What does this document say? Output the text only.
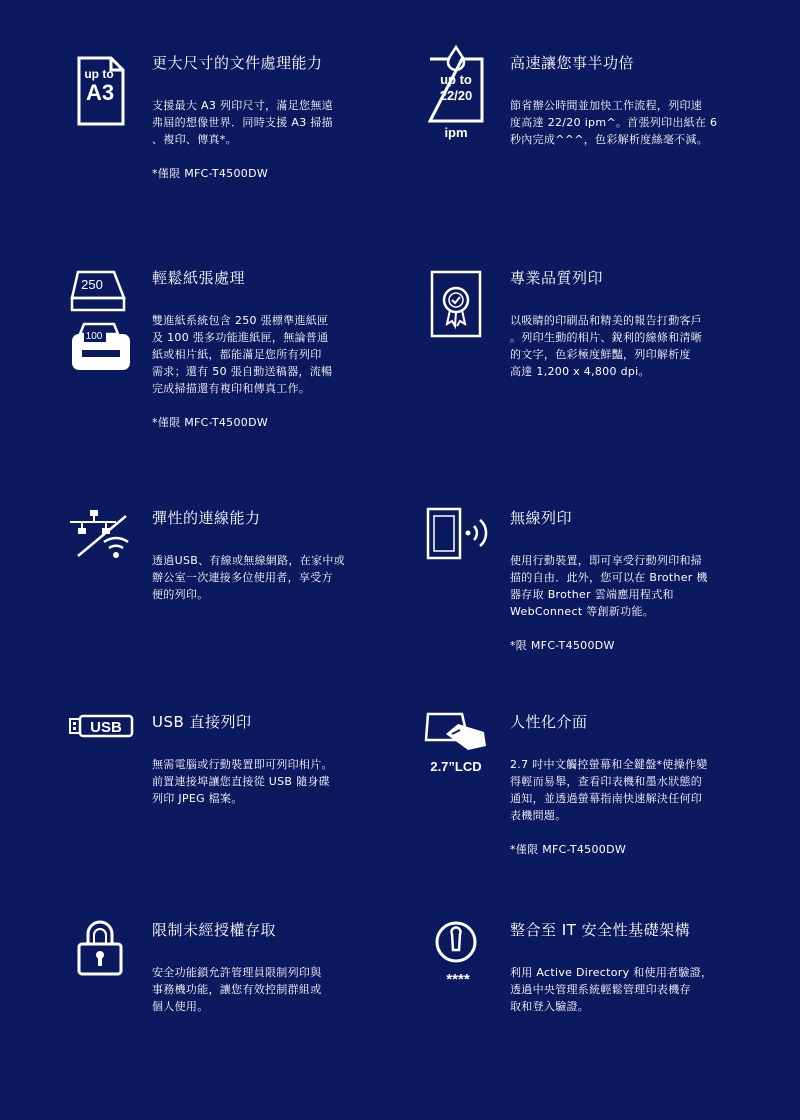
up to
A3
更大尺寸的文件處理能力

支援最大 A3 列印尺寸，滿足您無遠
弗屆的想像世界．同時支援 A3 掃描
、複印、傳真*。

*僅限 MFC-T4500DW
up to
22/20
ipm
高速讓您事半功倍

節省辦公時間並加快工作流程，列印速
度高達 22/20 ipm^。首張列印出紙在 6
秒內完成^^^，色彩解析度絲毫不減。

250
100
輕鬆紙張處理

雙進紙系統包含 250 張標準進紙匣
及 100 張多功能進紙匣，無論普通
紙或相片紙，都能滿足您所有列印
需求；還有 50 張自動送稿器，流暢
完成掃描還有複印和傳真工作。

*僅限 MFC-T4500DW
專業品質列印

以吸睛的印刷品和精美的報告打動客戶
。列印生動的相片、銳利的線條和清晰
的文字，色彩極度鮮豔，列印解析度
高達 1,200 x 4,800 dpi。

彈性的連線能力

透過USB、有線或無線網路，在家中或
辦公室一次連接多位使用者，享受方
便的列印。

無線列印

使用行動裝置，即可享受行動列印和掃
描的自由．此外，您可以在 Brother 機
器存取 Brother 雲端應用程式和
WebConnect 等創新功能。

*限 MFC-T4500DW
USB USB 直接列印

無需電腦或行動裝置即可列印相片。
前置連接埠讓您直接從 USB 隨身碟
列印 JPEG 檔案。

2.7”LCD
人性化介面

2.7 吋中文觸控螢幕和全鍵盤*使操作變
得輕而易舉，查看印表機和墨水狀態的
通知，並透過螢幕指南快速解決任何印
表機問題。

*僅限 MFC-T4500DW
限制未經授權存取

安全功能鎖允許管理員限制列印與
事務機功能，讓您有效控制群組或
個人使用。

****
整合至 IT 安全性基礎架構

利用 Active Directory 和使用者驗證，
透過中央管理系統輕鬆管理印表機存
取和登入驗證。
